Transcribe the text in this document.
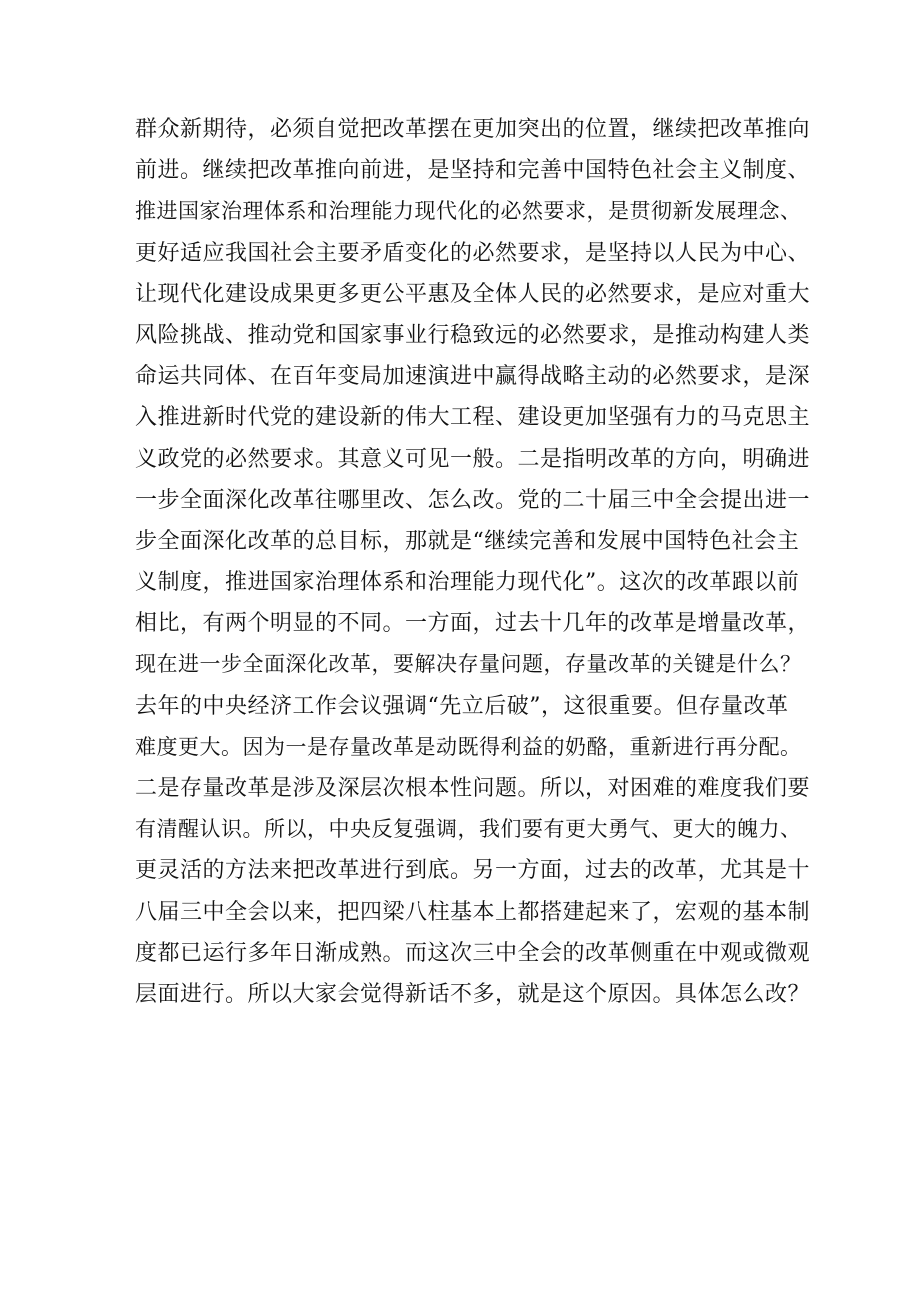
群众新期待，必须自觉把改革摆在更加突出的位置，继续把改革推向
前进。继续把改革推向前进，是坚持和完善中国特色社会主义制度、
推进国家治理体系和治理能力现代化的必然要求，是贯彻新发展理念、
更好适应我国社会主要矛盾变化的必然要求，是坚持以人民为中心、
让现代化建设成果更多更公平惠及全体人民的必然要求，是应对重大
风险挑战、推动党和国家事业行稳致远的必然要求，是推动构建人类
命运共同体、在百年变局加速演进中赢得战略主动的必然要求，是深
入推进新时代党的建设新的伟大工程、建设更加坚强有力的马克思主
义政党的必然要求。其意义可见一般。二是指明改革的方向，明确进
一步全面深化改革往哪里改、怎么改。党的二十届三中全会提出进一
步全面深化改革的总目标，那就是“继续完善和发展中国特色社会主
义制度，推进国家治理体系和治理能力现代化”。这次的改革跟以前
相比，有两个明显的不同。一方面，过去十几年的改革是增量改革，
现在进一步全面深化改革，要解决存量问题，存量改革的关键是什么？
去年的中央经济工作会议强调“先立后破”，这很重要。但存量改革
难度更大。因为一是存量改革是动既得利益的奶酪，重新进行再分配。
二是存量改革是涉及深层次根本性问题。所以，对困难的难度我们要
有清醒认识。所以，中央反复强调，我们要有更大勇气、更大的魄力、
更灵活的方法来把改革进行到底。另一方面，过去的改革，尤其是十
八届三中全会以来，把四梁八柱基本上都搭建起来了，宏观的基本制
度都已运行多年日渐成熟。而这次三中全会的改革侧重在中观或微观
层面进行。所以大家会觉得新话不多，就是这个原因。具体怎么改？
